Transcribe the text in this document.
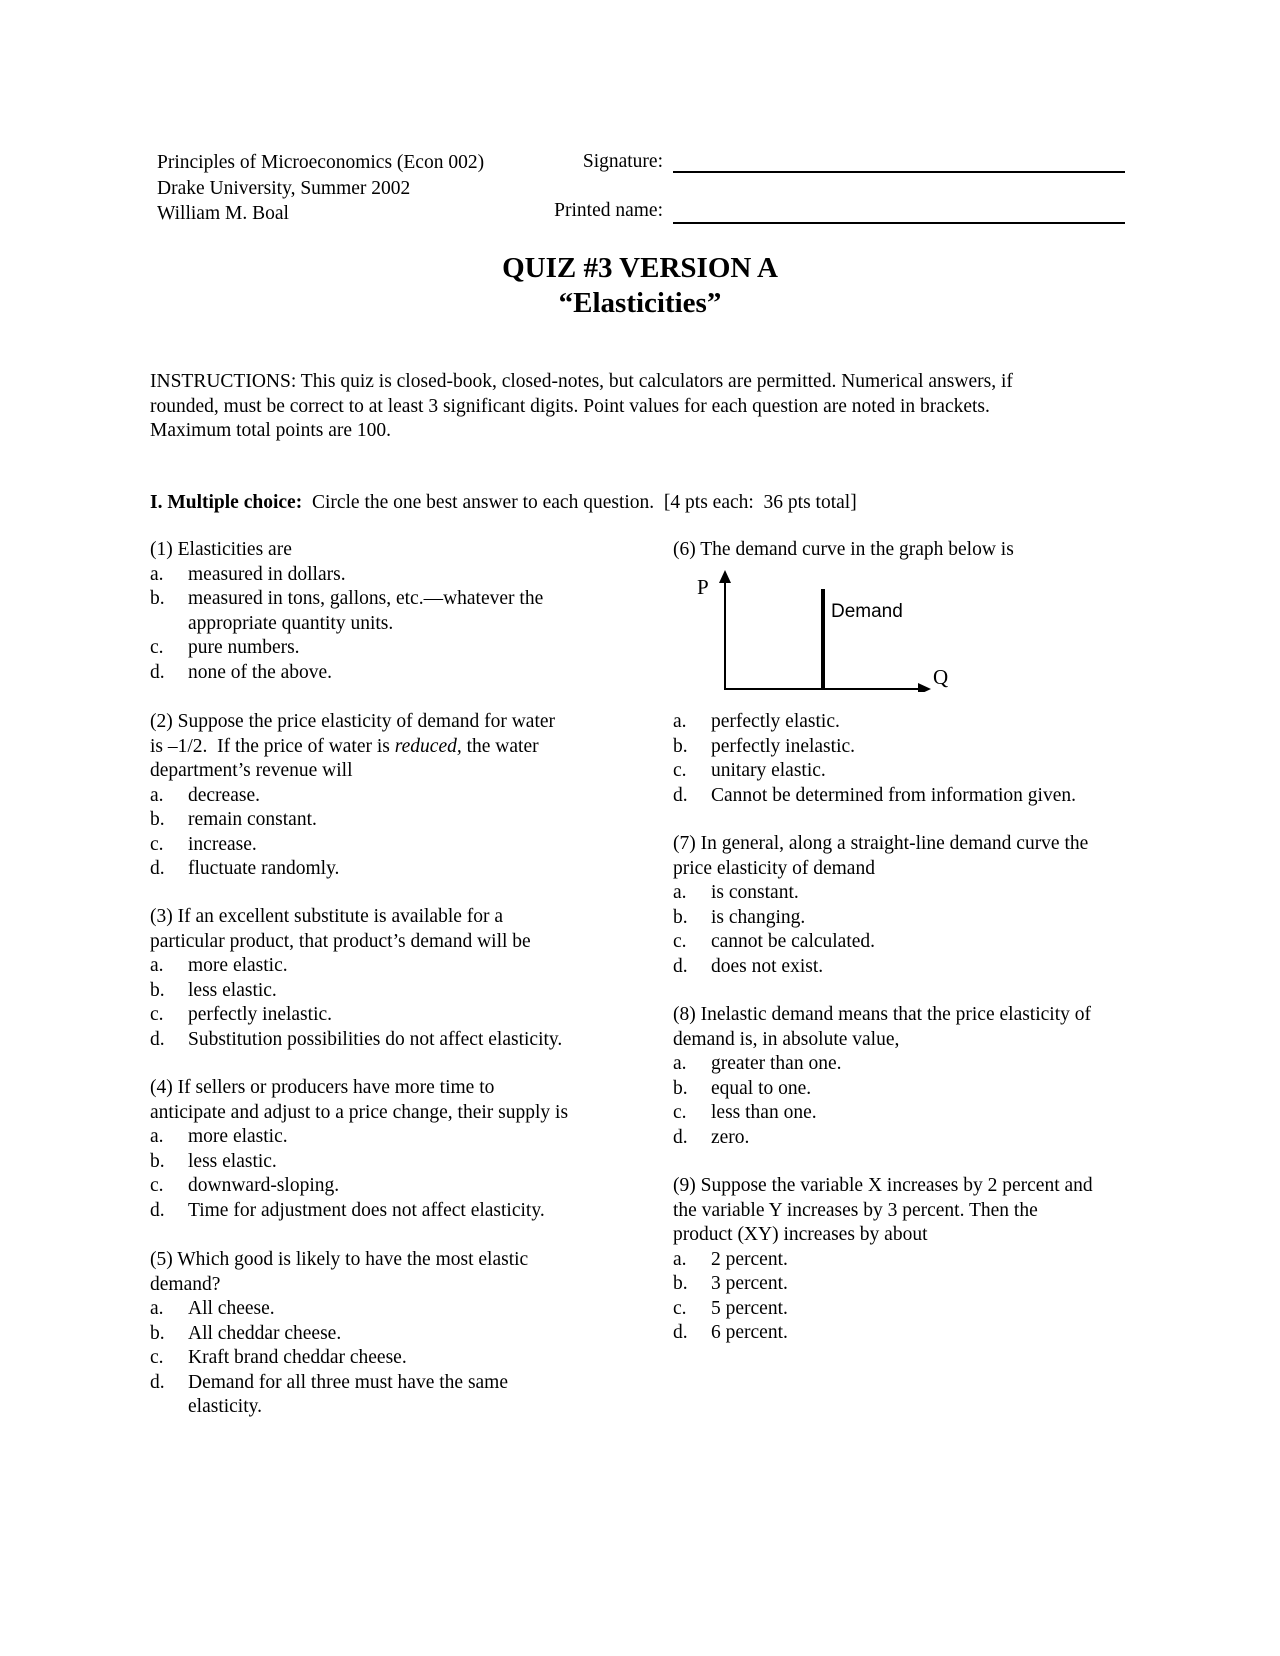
Principles of Microeconomics (Econ 002)
Drake University, Summer 2002
William M. Boal
Signature:
Printed name:
QUIZ #3 VERSION A
“Elasticities”
INSTRUCTIONS: This quiz is closed-book, closed-notes, but calculators are permitted. Numerical answers, if
rounded, must be correct to at least 3 significant digits. Point values for each question are noted in brackets.
Maximum total points are 100.
I. Multiple choice:  Circle the one best answer to each question.  [4 pts each:  36 pts total]
(1) Elasticities are
a.	measured in dollars.
b.	measured in tons, gallons, etc.—whatever the
appropriate quantity units.
c.	pure numbers.
d.	none of the above.
(2) Suppose the price elasticity of demand for water
is –1/2.  If the price of water is reduced, the water
department’s revenue will
a.	decrease.
b.	remain constant.
c.	increase.
d.	fluctuate randomly.
(3) If an excellent substitute is available for a
particular product, that product’s demand will be
a.	more elastic.
b.	less elastic.
c.	perfectly inelastic.
d.	Substitution possibilities do not affect elasticity.
(4) If sellers or producers have more time to
anticipate and adjust to a price change, their supply is
a.	more elastic.
b.	less elastic.
c.	downward-sloping.
d.	Time for adjustment does not affect elasticity.
(5) Which good is likely to have the most elastic
demand?
a.	All cheese.
b.	All cheddar cheese.
c.	Kraft brand cheddar cheese.
d.	Demand for all three must have the same
elasticity.
(6) The demand curve in the graph below is
P
Q
Demand
a.	perfectly elastic.
b.	perfectly inelastic.
c.	unitary elastic.
d.	Cannot be determined from information given.
(7) In general, along a straight-line demand curve the
price elasticity of demand
a.	is constant.
b.	is changing.
c.	cannot be calculated.
d.	does not exist.
(8) Inelastic demand means that the price elasticity of
demand is, in absolute value,
a.	greater than one.
b.	equal to one.
c.	less than one.
d.	zero.
(9) Suppose the variable X increases by 2 percent and
the variable Y increases by 3 percent. Then the
product (XY) increases by about
a.	2 percent.
b.	3 percent.
c.	5 percent.
d.	6 percent.
